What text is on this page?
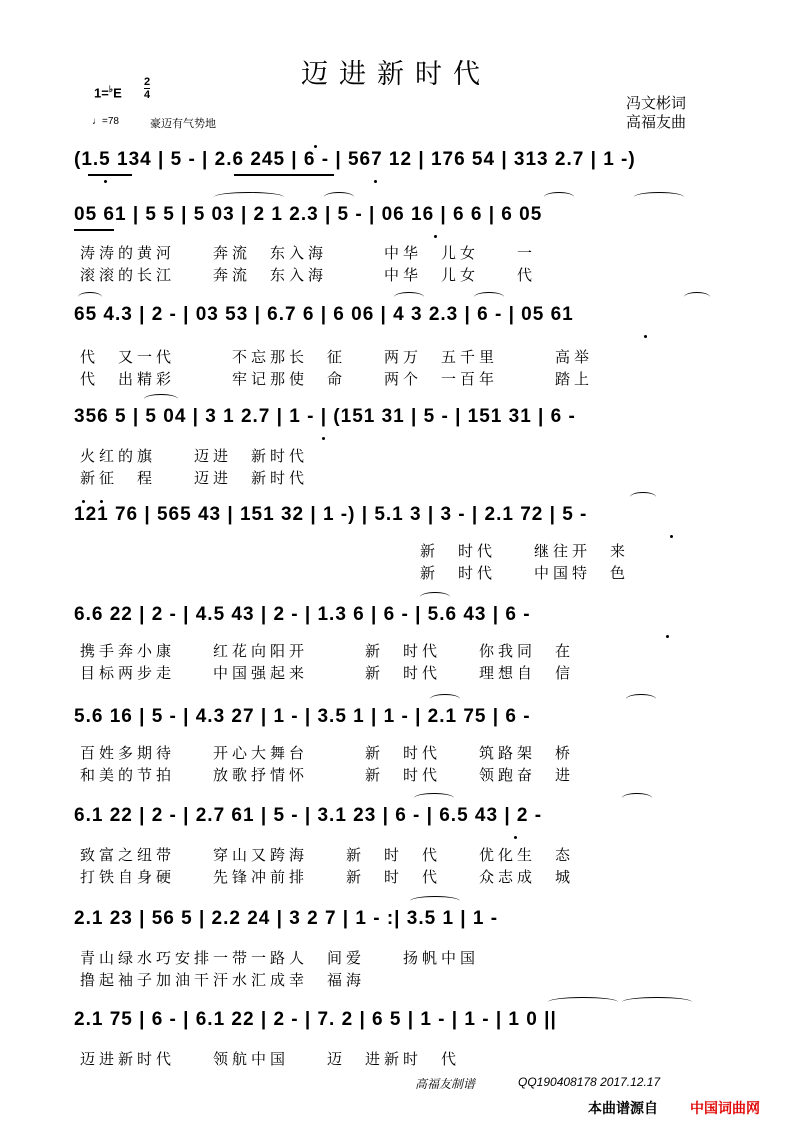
迈进新时代
1=♭E
2
4
♩=78	豪迈有气势地
冯文彬词
高福友曲
(1.5 134 | 5 - | 2.6 245 | 6 - | 567 12 | 176 54 | 313 2.7 | 1 -)
05 61 | 5 5 | 5 03 | 2 1 2.3 | 5 - | 06 16 | 6 6 | 6 05
涛涛的黄河　　奔流　东入海　　　中华　儿女　　一
滚滚的长江　　奔流　东入海　　　中华　儿女　　代
65 4.3 | 2 - | 03 53 | 6.7 6 | 6 06 | 4 3 2.3 | 6 - | 05 61
代　又一代　　　不忘那长　征　　两万　五千里　　　高举
代　出精彩　　　牢记那使　命　　两个　一百年　　　踏上
356 5 | 5 04 | 3 1 2.7 | 1 - | (151 31 | 5 - | 151 31 | 6 -
火红的旗　　迈进　新时代
新征　程　　迈进　新时代
121 76 | 565 43 | 151 32 | 1 -) | 5.1 3 | 3 - | 2.1 72 | 5 -
新　时代　　继往开　来
新　时代　　中国特　色
6.6 22 | 2 - | 4.5 43 | 2 - | 1.3 6 | 6 - | 5.6 43 | 6 -
携手奔小康　　红花向阳开　　　新　时代　　你我同　在
目标两步走　　中国强起来　　　新　时代　　理想自　信
5.6 16 | 5 - | 4.3 27 | 1 - | 3.5 1 | 1 - | 2.1 75 | 6 -
百姓多期待　　开心大舞台　　　新　时代　　筑路架　桥
和美的节拍　　放歌抒情怀　　　新　时代　　领跑奋　进
6.1 22 | 2 - | 2.7 61 | 5 - | 3.1 23 | 6 - | 6.5 43 | 2 -
致富之纽带　　穿山又跨海　　新　时　代　　优化生　态
打铁自身硬　　先锋冲前排　　新　时　代　　众志成　城
2.1 23 | 56 5 | 2.2 24 | 3 2 7 | 1 - :| 3.5 1 | 1 -
青山绿水巧安排一带一路人　间爱　　扬帆中国
撸起袖子加油干汗水汇成幸　福海
2.1 75 | 6 - | 6.1 22 | 2 - | 7. 2 | 6 5 | 1 - | 1 - | 1 0 ||
迈进新时代　　领航中国　　迈　进新时　代
高福友制谱	QQ190408178 2017.12.17
本曲谱源自 中国词曲网
